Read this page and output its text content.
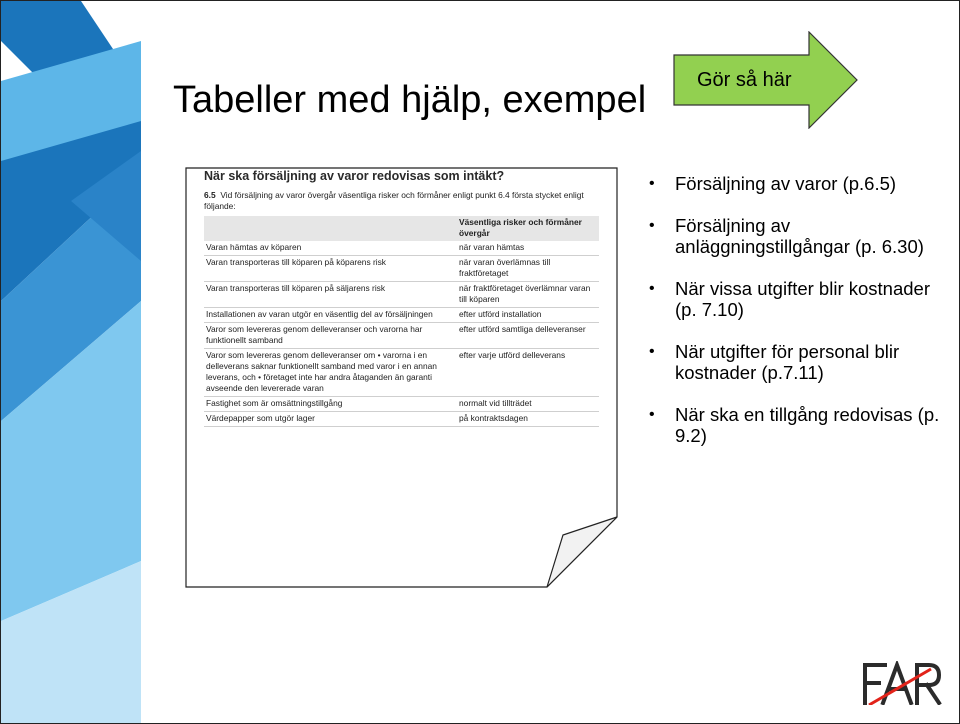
Tabeller med hjälp, exempel	Gör så här
• Försäljning av varor (p.6.5)
• Försäljning av anläggningstillgångar (p. 6.30)
• När vissa utgifter blir kostnader (p. 7.10)
• När utgifter för personal blir kostnader (p.7.11)
• När ska en tillgång redovisas (p. 9.2)
När ska försäljning av varor redovisas som intäkt?
6.5 Vid försäljning av varor övergår väsentliga risker och förmåner enligt punkt 6.4 första stycket enligt följande:
	Väsentliga risker och förmåner övergår
Varan hämtas av köparen	när varan hämtas
Varan transporteras till köparen på köparens risk	när varan överlämnas till fraktföretaget
Varan transporteras till köparen på säljarens risk	när fraktföretaget överlämnar varan till köparen
Installationen av varan utgör en väsentlig del av försäljningen	efter utförd installation
Varor som levereras genom delleveranser och varorna har funktionellt samband	efter utförd samtliga delleveranser
Varor som levereras genom delleveranser om • varorna i en delleverans saknar funktionellt samband med varor i en annan leverans, och • företaget inte har andra åtaganden än garanti avseende den levererade varan	efter varje utförd delleverans
Fastighet som är omsättningstillgång	normalt vid tillträdet
Värdepapper som utgör lager	på kontraktsdagen
